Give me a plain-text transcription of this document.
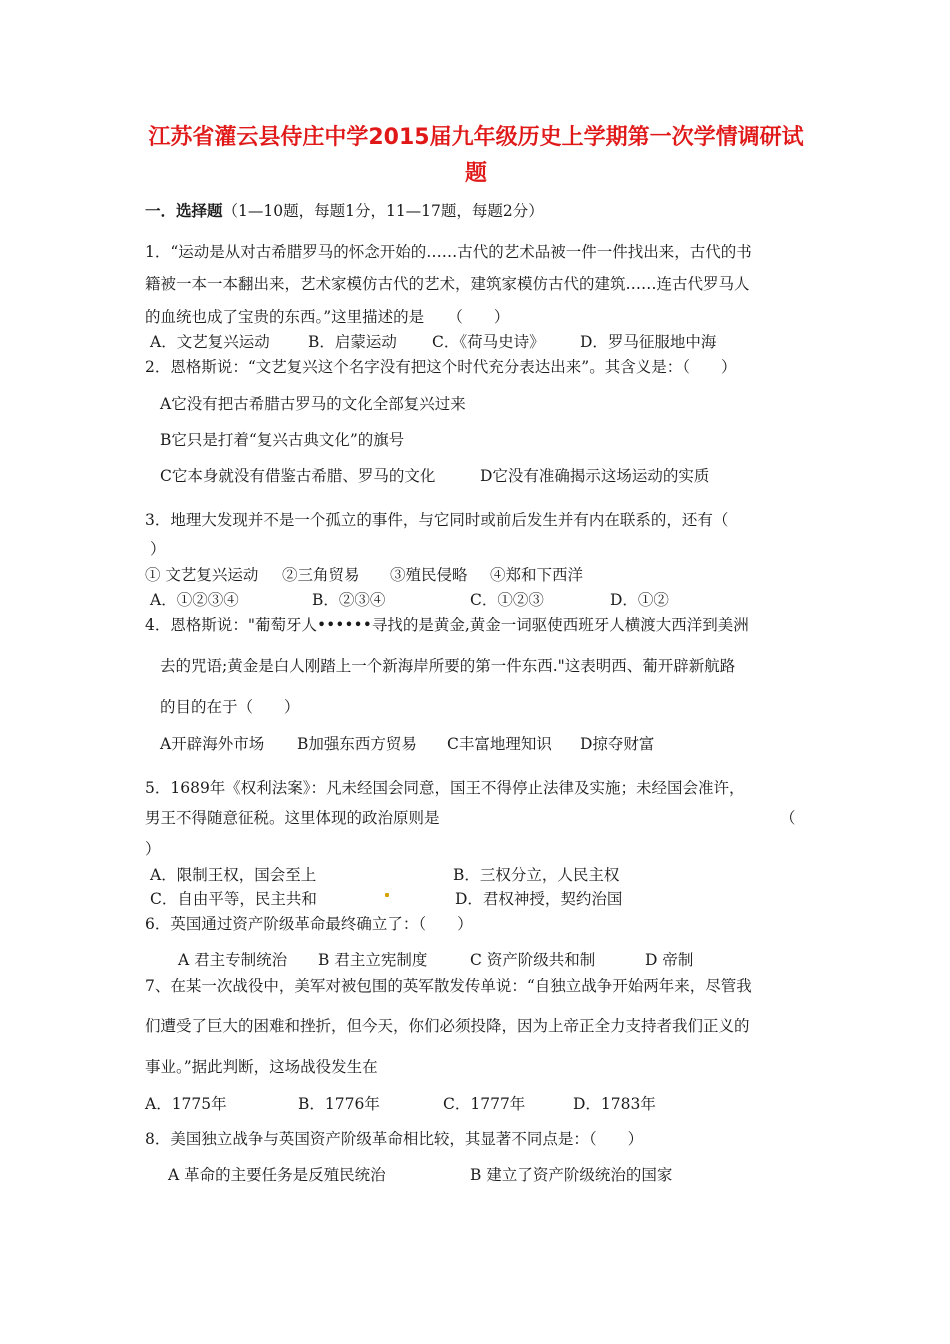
江苏省灌云县侍庄中学2015届九年级历史上学期第一次学情调研试
题
一．选择题（1—10题，每题1分，11—17题，每题2分）
1．“运动是从对古希腊罗马的怀念开始的……古代的艺术品被一件一件找出来，古代的书
籍被一本一本翻出来，艺术家模仿古代的艺术，建筑家模仿古代的建筑……连古代罗马人
的血统也成了宝贵的东西。”这里描述的是　　（　　）
A．文艺复兴运动 B．启蒙运动 C．《荷马史诗》 D．罗马征服地中海
2．恩格斯说：“文艺复兴这个名字没有把这个时代充分表达出来”。其含义是：（　　）
A它没有把古希腊古罗马的文化全部复兴过来
B它只是打着“复兴古典文化”的旗号
C它本身就没有借鉴古希腊、罗马的文化	D它没有准确揭示这场运动的实质
3．地理大发现并不是一个孤立的事件，与它同时或前后发生并有内在联系的，还有（
）
① 文艺复兴运动 ②三角贸易 ③殖民侵略 ④郑和下西洋
A．①②③④	B．②③④	C．①②③	D．①②
4．恩格斯说："葡萄牙人••••••寻找的是黄金,黄金一词驱使西班牙人横渡大西洋到美洲
去的咒语;黄金是白人刚踏上一个新海岸所要的第一件东西."这表明西、葡开辟新航路
的目的在于（　　）
A开辟海外市场 B加强东西方贸易 C丰富地理知识 D掠夺财富
5．1689年《权利法案》：凡未经国会同意，国王不得停止法律及实施；未经国会准许，
男王不得随意征税。这里体现的政治原则是	（
）
A．限制王权，国会至上	B．三权分立，人民主权
C．自由平等，民主共和	D．君权神授，契约治国
6．英国通过资产阶级革命最终确立了：（　　）
A 君主专制统治 B 君主立宪制度	C 资产阶级共和制	D 帝制
7、在某一次战役中，美军对被包围的英军散发传单说：“自独立战争开始两年来，尽管我
们遭受了巨大的困难和挫折，但今天，你们必须投降，因为上帝正全力支持者我们正义的
事业。”据此判断，这场战役发生在
A．1775年	B．1776年	C．1777年	D．1783年
8．美国独立战争与英国资产阶级革命相比较，其显著不同点是：（　　）
A 革命的主要任务是反殖民统治	B 建立了资产阶级统治的国家
